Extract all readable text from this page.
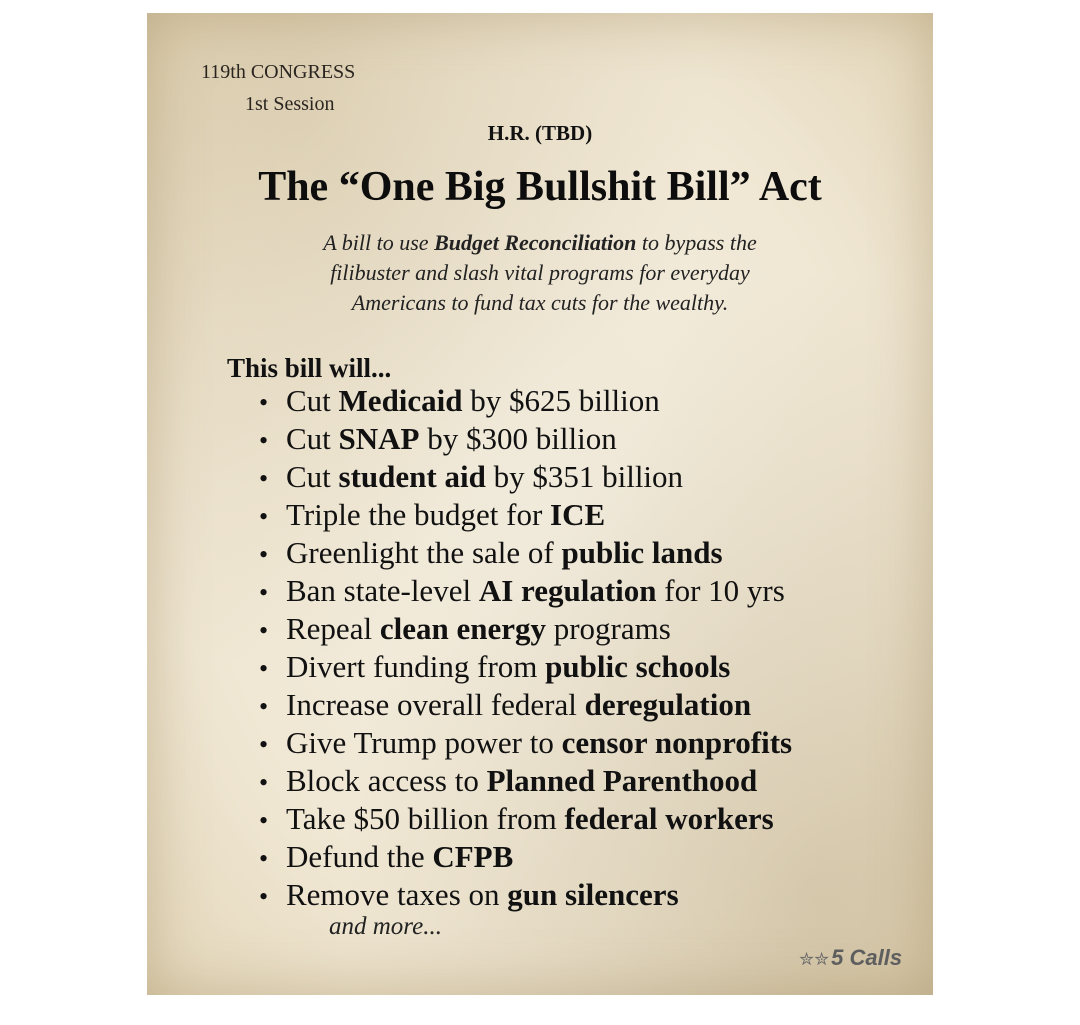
119th CONGRESS
1st Session
H.R. (TBD)
The “One Big Bullshit Bill” Act
A bill to use Budget Reconciliation to bypass the
filibuster and slash vital programs for everyday
Americans to fund tax cuts for the wealthy.
This bill will...
• Cut Medicaid by $625 billion
• Cut SNAP by $300 billion
• Cut student aid by $351 billion
• Triple the budget for ICE
• Greenlight the sale of public lands
• Ban state-level AI regulation for 10 yrs
• Repeal clean energy programs
• Divert funding from public schools
• Increase overall federal deregulation
• Give Trump power to censor nonprofits
• Block access to Planned Parenthood
• Take $50 billion from federal workers
• Defund the CFPB
• Remove taxes on gun silencers
and more...
✮✮5 Calls
